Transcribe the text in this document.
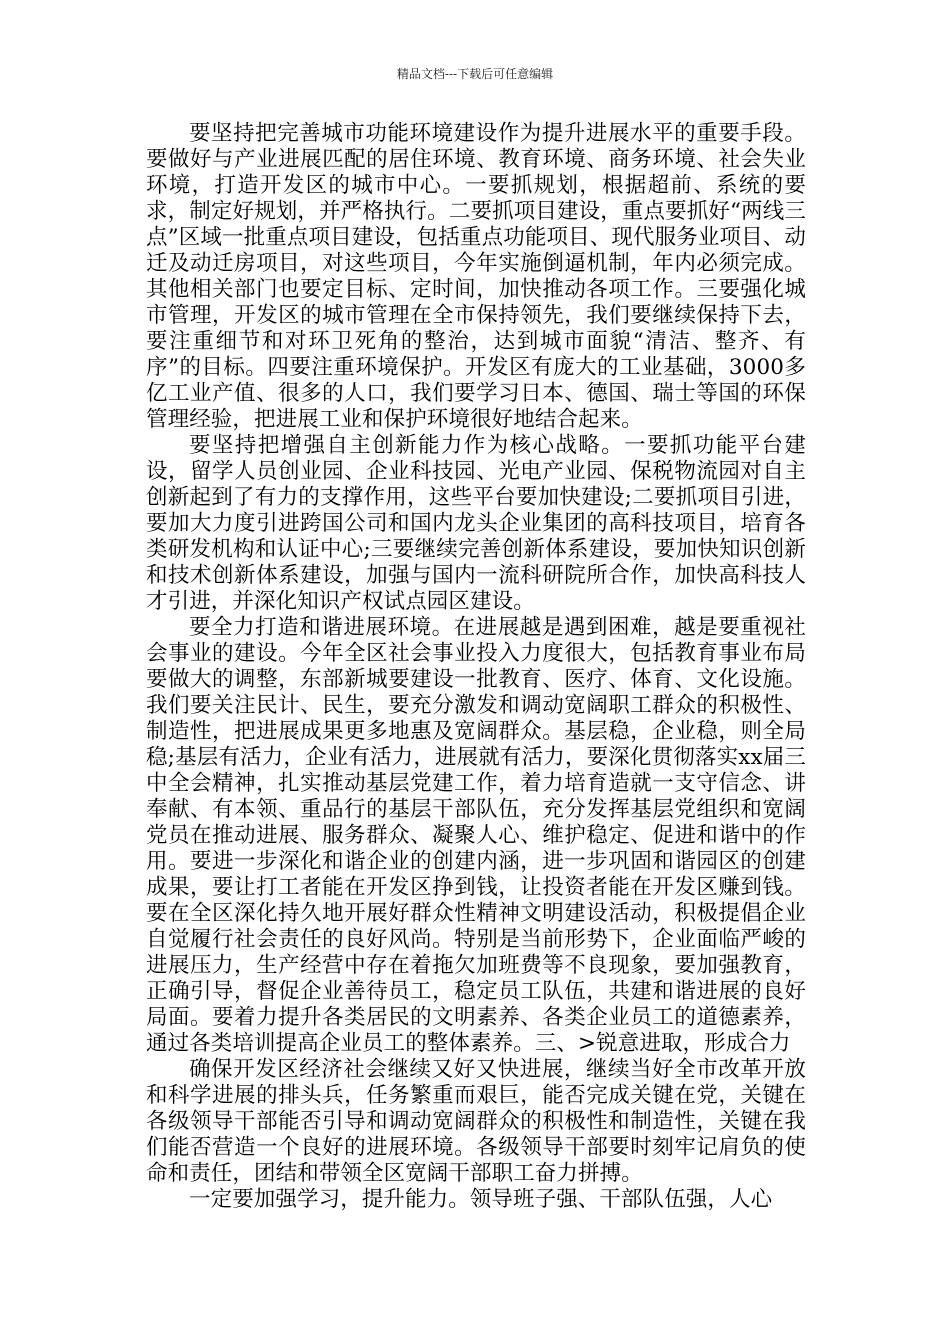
精品文档---下载后可任意编辑

要坚持把完善城市功能环境建设作为提升进展水平的重要手段。要做好与产业进展匹配的居住环境、教育环境、商务环境、社会失业环境，打造开发区的城市中心。一要抓规划，根据超前、系统的要求，制定好规划，并严格执行。二要抓项目建设，重点要抓好“两线三点”区域一批重点项目建设，包括重点功能项目、现代服务业项目、动迁及动迁房项目，对这些项目，今年实施倒逼机制，年内必须完成。其他相关部门也要定目标、定时间，加快推动各项工作。三要强化城市管理，开发区的城市管理在全市保持领先，我们要继续保持下去，要注重细节和对环卫死角的整治，达到城市面貌“清洁、整齐、有序”的目标。四要注重环境保护。开发区有庞大的工业基础，3000多亿工业产值、很多的人口，我们要学习日本、德国、瑞士等国的环保管理经验，把进展工业和保护环境很好地结合起来。

要坚持把增强自主创新能力作为核心战略。一要抓功能平台建设，留学人员创业园、企业科技园、光电产业园、保税物流园对自主创新起到了有力的支撑作用，这些平台要加快建设;二要抓项目引进，要加大力度引进跨国公司和国内龙头企业集团的高科技项目，培育各类研发机构和认证中心;三要继续完善创新体系建设，要加快知识创新和技术创新体系建设，加强与国内一流科研院所合作，加快高科技人才引进，并深化知识产权试点园区建设。

要全力打造和谐进展环境。在进展越是遇到困难，越是要重视社会事业的建设。今年全区社会事业投入力度很大，包括教育事业布局要做大的调整，东部新城要建设一批教育、医疗、体育、文化设施。我们要关注民计、民生，要充分激发和调动宽阔职工群众的积极性、制造性，把进展成果更多地惠及宽阔群众。基层稳，企业稳，则全局稳;基层有活力，企业有活力，进展就有活力，要深化贯彻落实xx届三中全会精神，扎实推动基层党建工作，着力培育造就一支守信念、讲奉献、有本领、重品行的基层干部队伍，充分发挥基层党组织和宽阔党员在推动进展、服务群众、凝聚人心、维护稳定、促进和谐中的作用。要进一步深化和谐企业的创建内涵，进一步巩固和谐园区的创建成果，要让打工者能在开发区挣到钱，让投资者能在开发区赚到钱。要在全区深化持久地开展好群众性精神文明建设活动，积极提倡企业自觉履行社会责任的良好风尚。特别是当前形势下，企业面临严峻的进展压力，生产经营中存在着拖欠加班费等不良现象，要加强教育，正确引导，督促企业善待员工，稳定员工队伍，共建和谐进展的良好局面。要着力提升各类居民的文明素养、各类企业员工的道德素养，通过各类培训提高企业员工的整体素养。三、>锐意进取，形成合力

确保开发区经济社会继续又好又快进展，继续当好全市改革开放和科学进展的排头兵，任务繁重而艰巨，能否完成关键在党，关键在各级领导干部能否引导和调动宽阔群众的积极性和制造性，关键在我们能否营造一个良好的进展环境。各级领导干部要时刻牢记肩负的使命和责任，团结和带领全区宽阔干部职工奋力拼搏。

一定要加强学习，提升能力。领导班子强、干部队伍强，人心
